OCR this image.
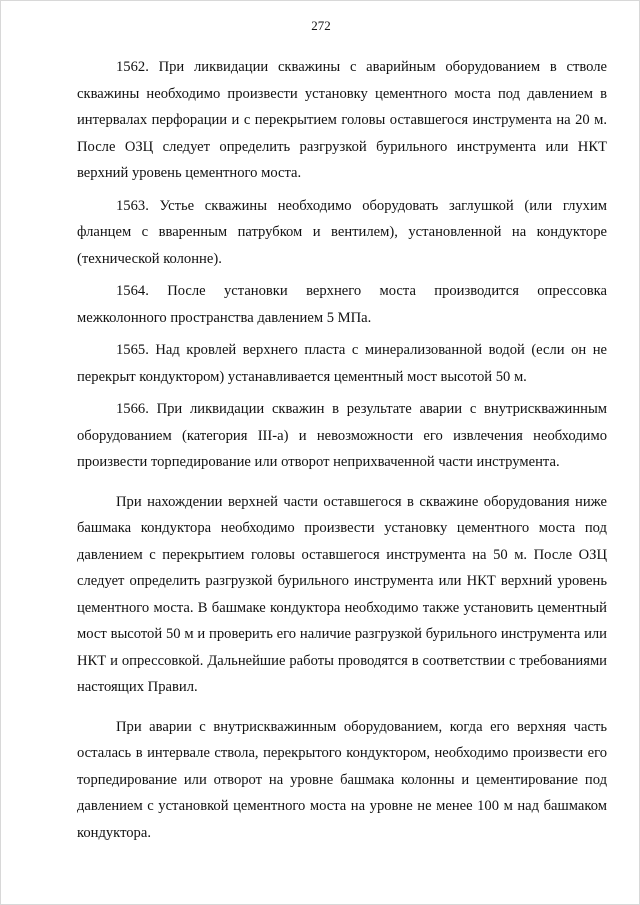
272

1562. При ликвидации скважины с аварийным оборудованием в стволе скважины необходимо произвести установку цементного моста под давлением в интервалах перфорации и с перекрытием головы оставшегося инструмента на 20 м. После ОЗЦ следует определить разгрузкой бурильного инструмента или НКТ верхний уровень цементного моста.

1563. Устье скважины необходимо оборудовать заглушкой (или глухим фланцем с вваренным патрубком и вентилем), установленной на кондукторе (технической колонне).

1564. После установки верхнего моста производится опрессовка межколонного пространства давлением 5 МПа.

1565. Над кровлей верхнего пласта с минерализованной водой (если он не перекрыт кондуктором) устанавливается цементный мост высотой 50 м.

1566. При ликвидации скважин в результате аварии с внутрискважинным оборудованием (категория III-а) и невозможности его извлечения необходимо произвести торпедирование или отворот неприхваченной части инструмента.

При нахождении верхней части оставшегося в скважине оборудования ниже башмака кондуктора необходимо произвести установку цементного моста под давлением с перекрытием головы оставшегося инструмента на 50 м. После ОЗЦ следует определить разгрузкой бурильного инструмента или НКТ верхний уровень цементного моста. В башмаке кондуктора необходимо также установить цементный мост высотой 50 м и проверить его наличие разгрузкой бурильного инструмента или НКТ и опрессовкой. Дальнейшие работы проводятся в соответствии с требованиями настоящих Правил.

При аварии с внутрискважинным оборудованием, когда его верхняя часть осталась в интервале ствола, перекрытого кондуктором, необходимо произвести его торпедирование или отворот на уровне башмака колонны и цементирование под давлением с установкой цементного моста на уровне не менее 100 м над башмаком кондуктора.
